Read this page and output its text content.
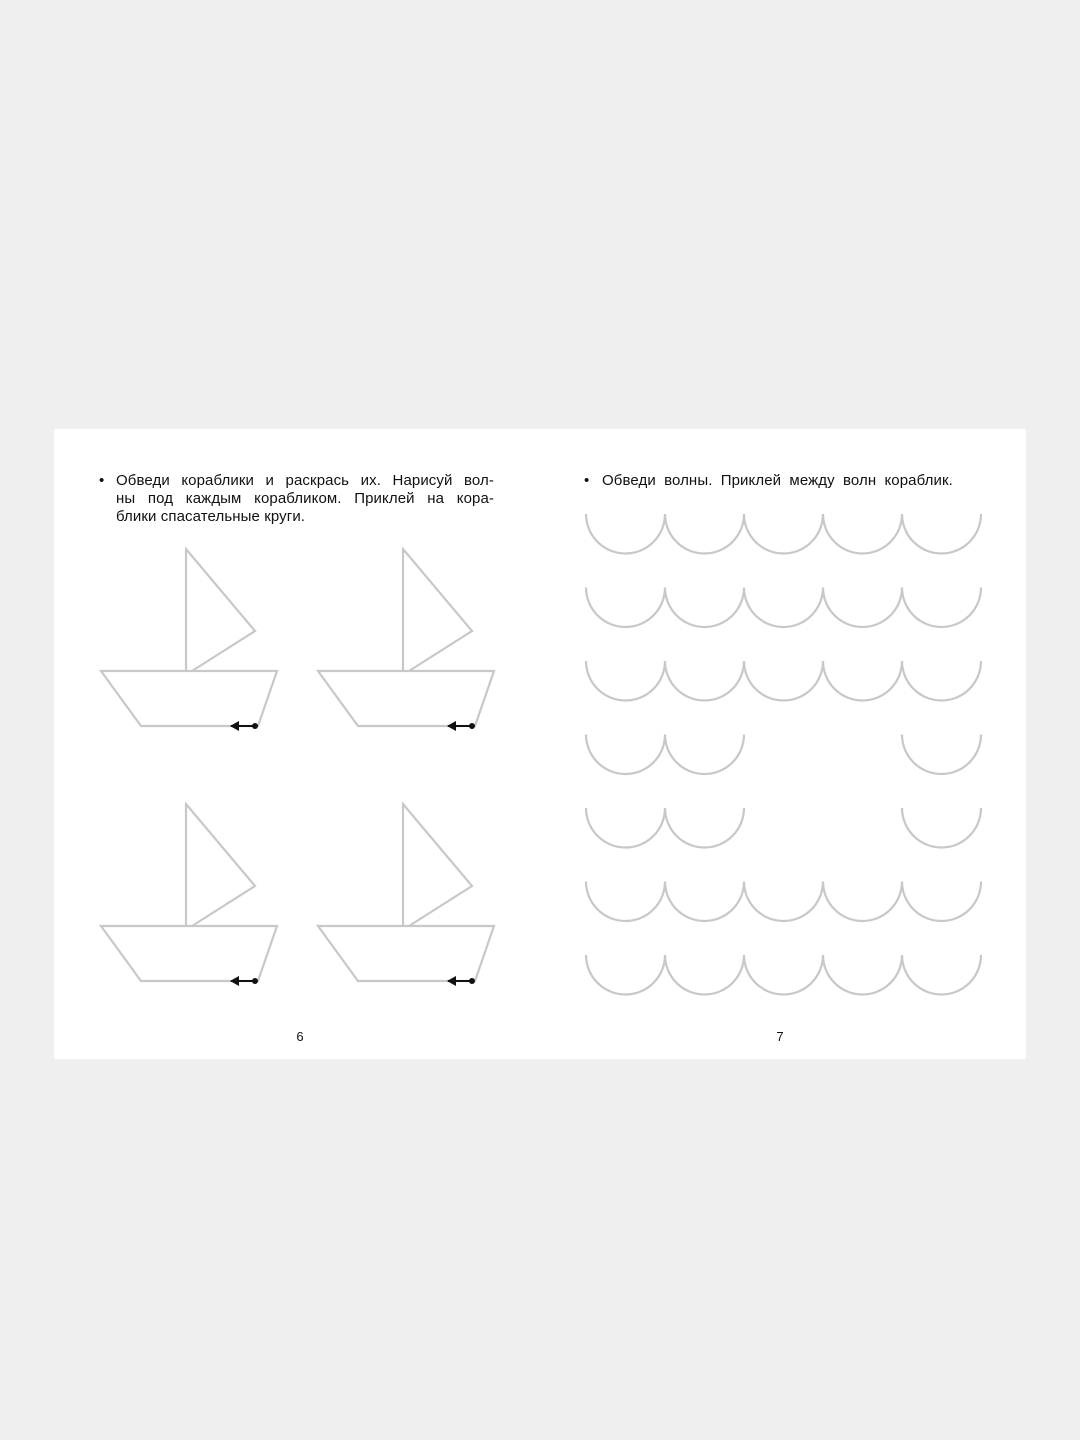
• Обведи кораблики и раскрась их. Нарисуй вол-
ны под каждым корабликом. Приклей на кора-
блики спасательные круги.
6
• Обведи волны. Приклей между волн кораблик.
7
